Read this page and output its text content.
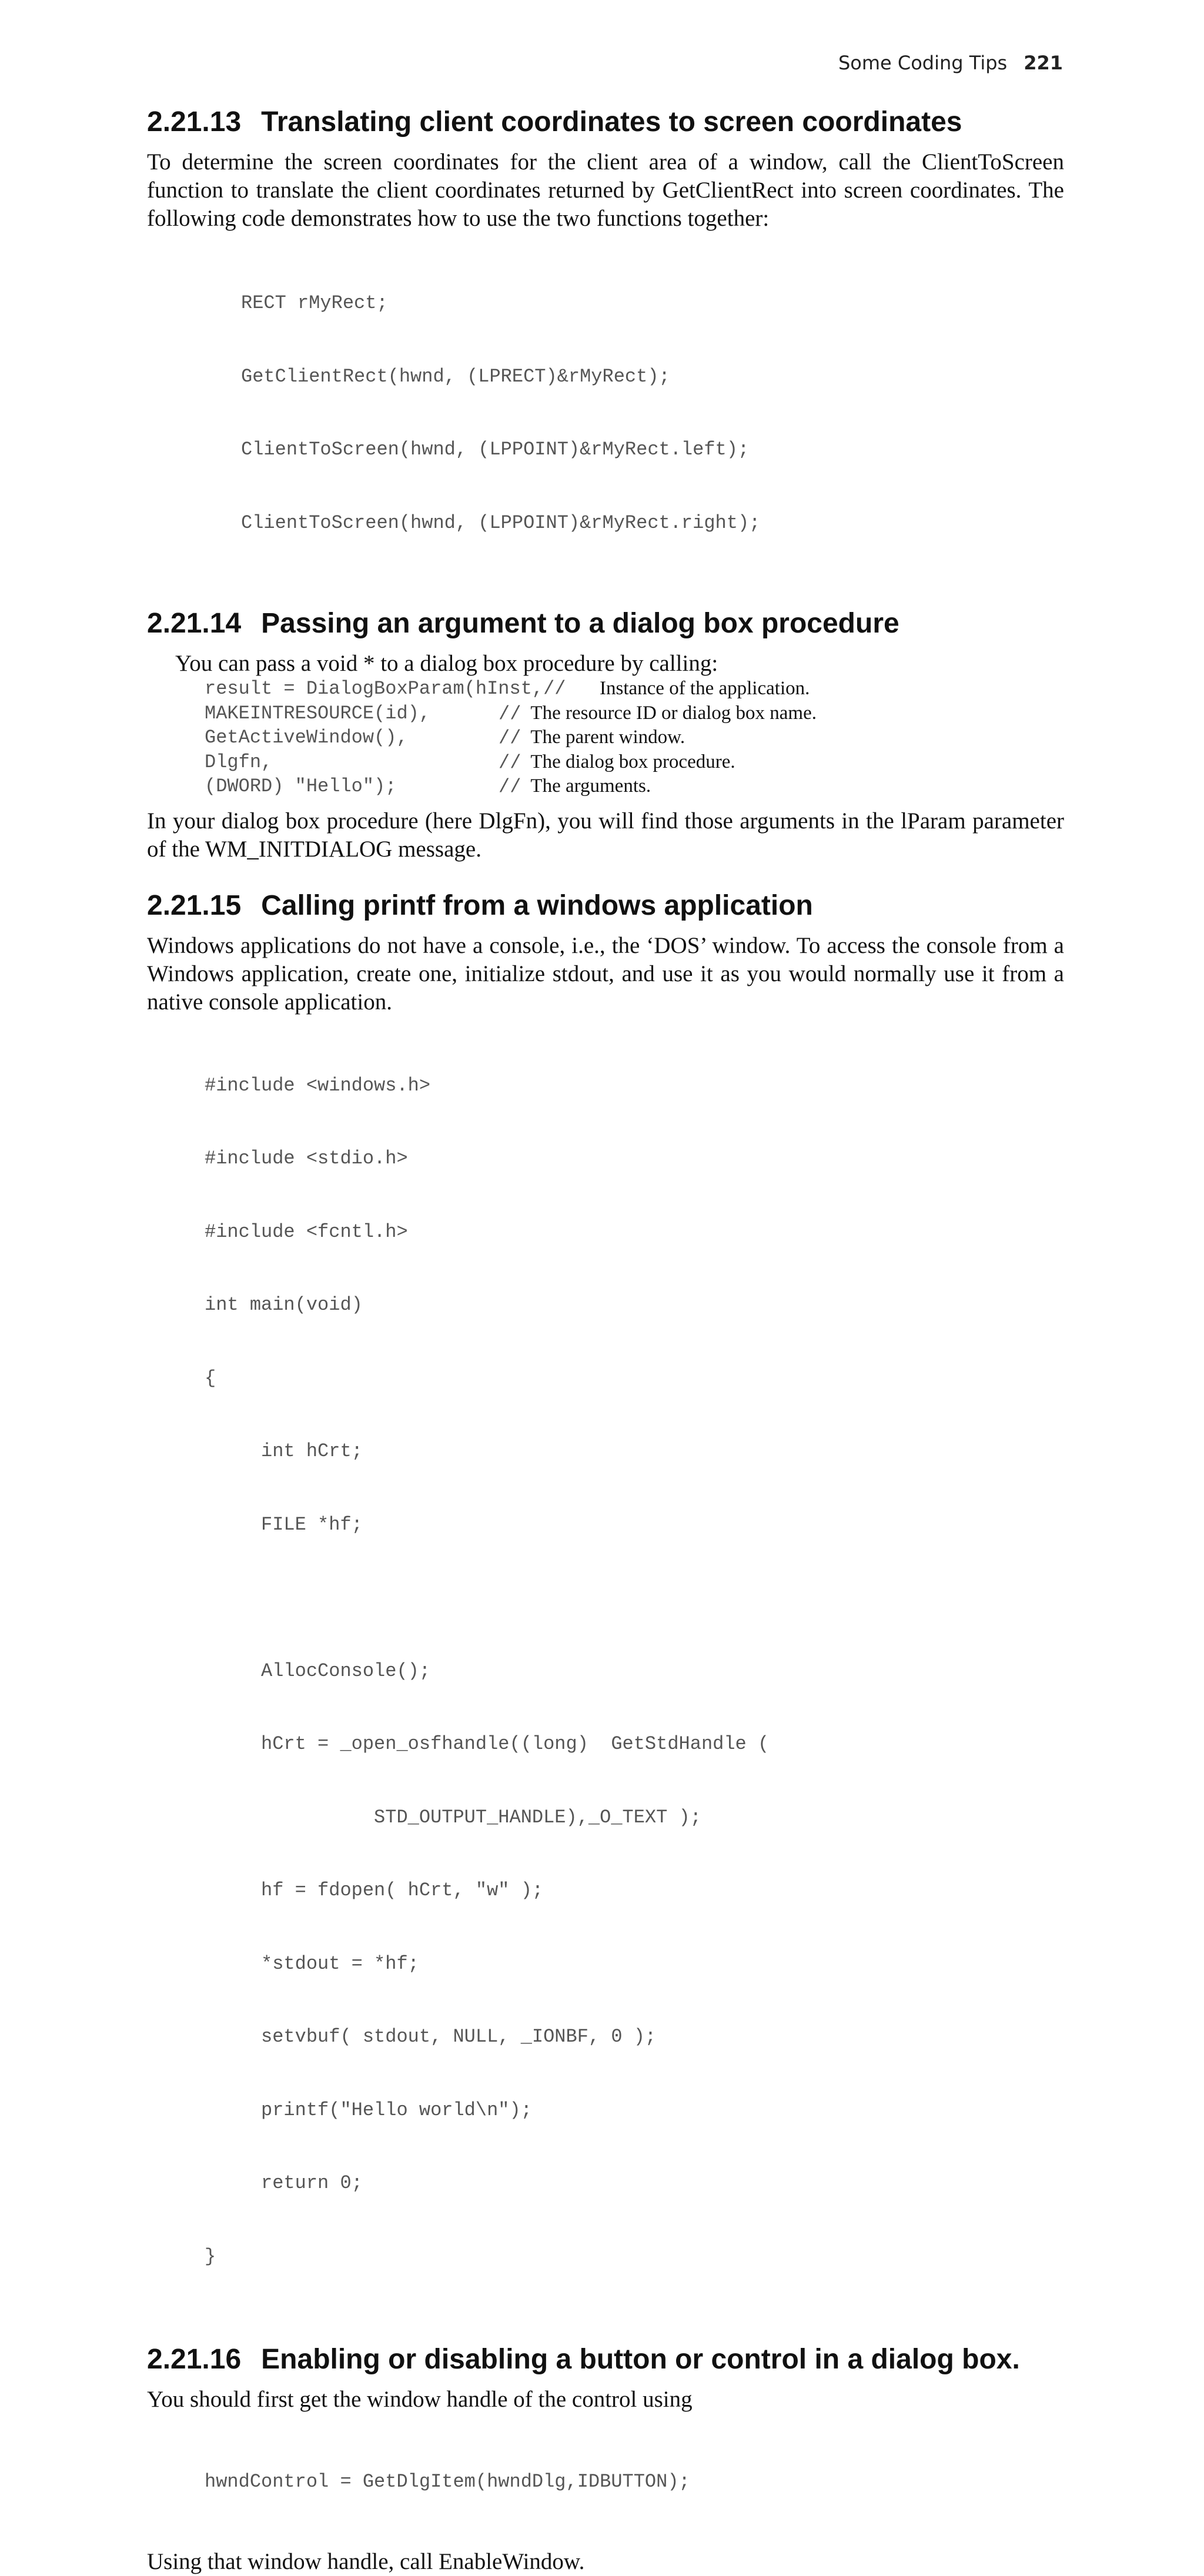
Some Coding Tips 221
2.21.13 Translating client coordinates to screen coordinates

To determine the screen coordinates for the client area of a window, call the ClientToScreen function to translate the client coordinates returned by GetClientRect into screen coordinates. The following code demonstrates how to use the two functions together:

RECT rMyRect;

GetClientRect(hwnd, (LPRECT)&rMyRect);

ClientToScreen(hwnd, (LPPOINT)&rMyRect.left);

ClientToScreen(hwnd, (LPPOINT)&rMyRect.right);

2.21.14 Passing an argument to a dialog box procedure

You can pass a void * to a dialog box procedure by calling:

result = DialogBoxParam(hInst,// Instance of the application.
MAKEINTRESOURCE(id),	// The resource ID or dialog box name.
GetActiveWindow(),	// The parent window.
Dlgfn,	// The dialog box procedure.
(DWORD) "Hello");	// The arguments.

In your dialog box procedure (here DlgFn), you will find those arguments in the lParam parameter of the WM_INITDIALOG message.

2.21.15 Calling printf from a windows application

Windows applications do not have a console, i.e., the ‘DOS’ window. To access the console from a Windows application, create one, initialize stdout, and use it as you would normally use it from a native console application.

#include <windows.h>

#include <stdio.h>

#include <fcntl.h>

int main(void)

{

int hCrt;

FILE *hf;

AllocConsole();

hCrt = _open_osfhandle((long)  GetStdHandle (

STD_OUTPUT_HANDLE),_O_TEXT );

hf = fdopen( hCrt, "w" );

*stdout = *hf;

setvbuf( stdout, NULL, _IONBF, 0 );

printf("Hello world\n");

return 0;

}

2.21.16 Enabling or disabling a button or control in a dialog box.

You should first get the window handle of the control using

hwndControl = GetDlgItem(hwndDlg,IDBUTTON);

Using that window handle, call EnableWindow.
